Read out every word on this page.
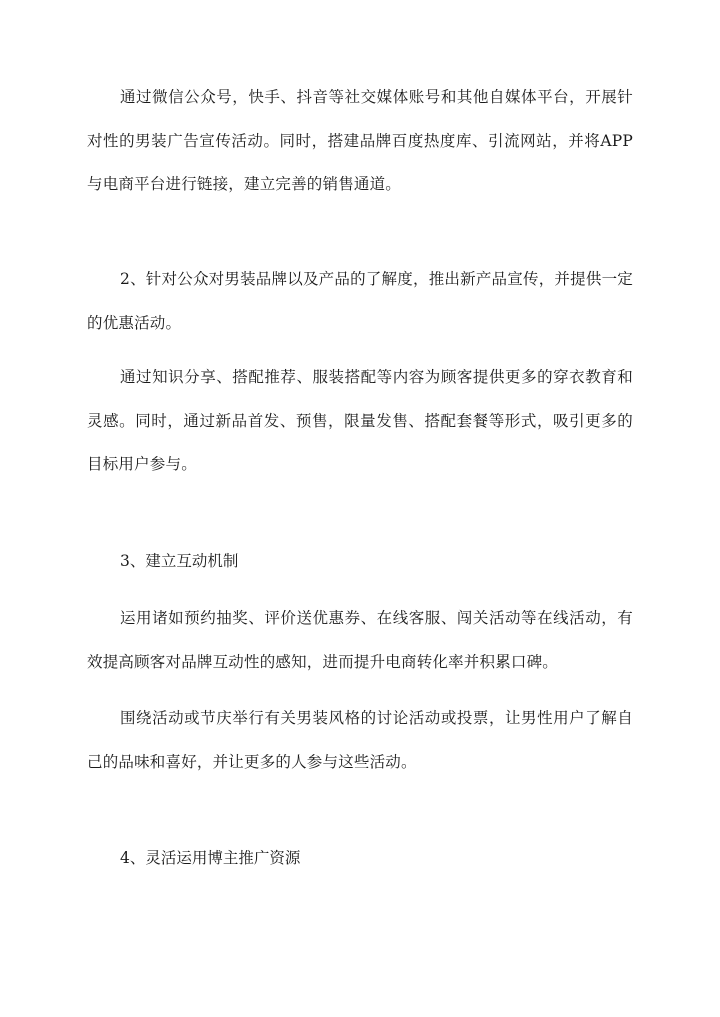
通过微信公众号，快手、抖音等社交媒体账号和其他自媒体平台，开展针对性的男装广告宣传活动。同时，搭建品牌百度热度库、引流网站，并将APP与电商平台进行链接，建立完善的销售通道。

2、针对公众对男装品牌以及产品的了解度，推出新产品宣传，并提供一定的优惠活动。

通过知识分享、搭配推荐、服装搭配等内容为顾客提供更多的穿衣教育和灵感。同时，通过新品首发、预售，限量发售、搭配套餐等形式，吸引更多的目标用户参与。

3、建立互动机制

运用诸如预约抽奖、评价送优惠券、在线客服、闯关活动等在线活动，有效提高顾客对品牌互动性的感知，进而提升电商转化率并积累口碑。

围绕活动或节庆举行有关男装风格的讨论活动或投票，让男性用户了解自己的品味和喜好，并让更多的人参与这些活动。

4、灵活运用博主推广资源
